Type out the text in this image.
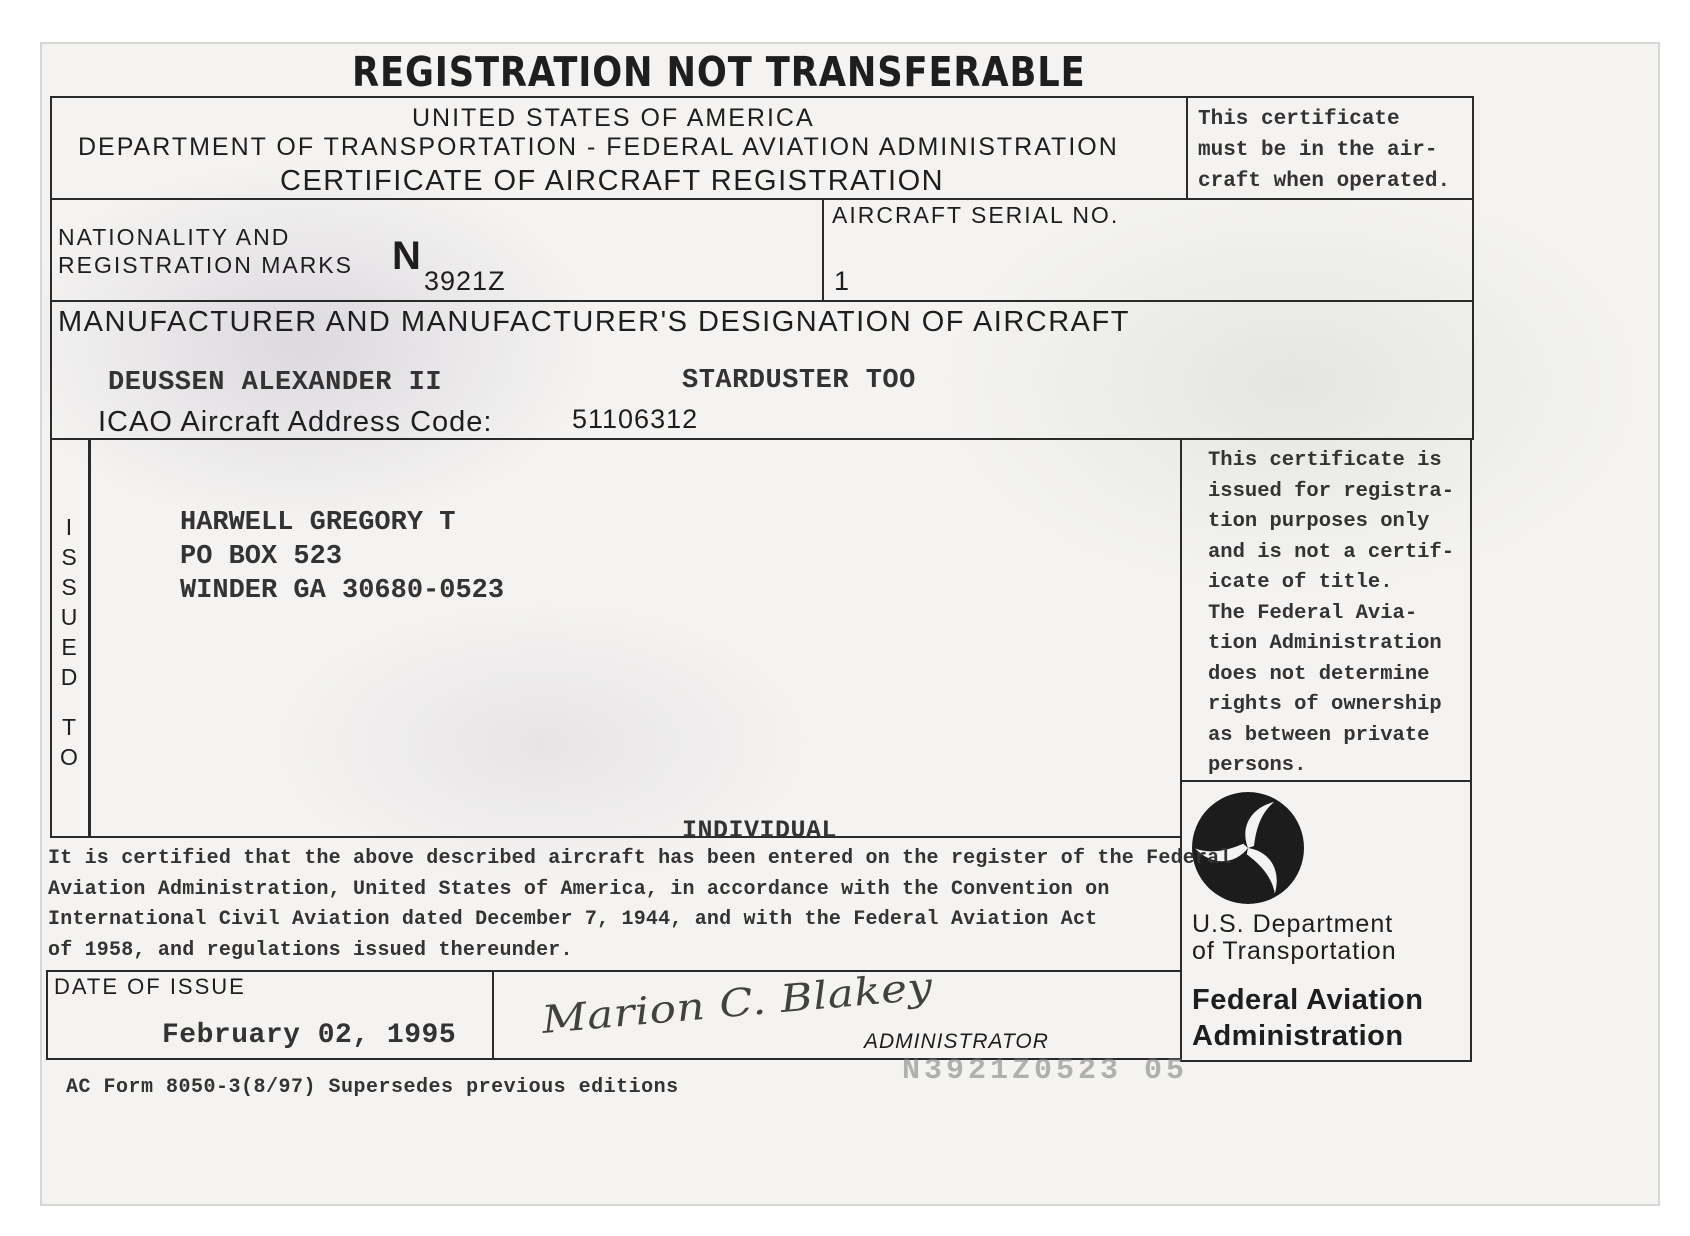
REGISTRATION NOT TRANSFERABLE
UNITED STATES OF AMERICA
DEPARTMENT OF TRANSPORTATION - FEDERAL AVIATION ADMINISTRATION
CERTIFICATE OF AIRCRAFT REGISTRATION
This certificate
must be in the air-
craft when operated.
NATIONALITY AND
REGISTRATION MARKS N
3921Z
AIRCRAFT SERIAL NO.
1
MANUFACTURER AND MANUFACTURER'S DESIGNATION OF AIRCRAFT
DEUSSEN ALEXANDER II	STARDUSTER TOO
ICAO Aircraft Address Code:	51106312
I
S
S
U
E
D
T
O
HARWELL GREGORY T
PO BOX 523
WINDER GA 30680-0523
INDIVIDUAL
This certificate is
issued for registra-
tion purposes only
and is not a certif-
icate of title.
The Federal Avia-
tion Administration
does not determine
rights of ownership
as between private
persons.
U.S. Department
of Transportation
Federal Aviation
Administration
It is certified that the above described aircraft has been entered on the register of the Federal
Aviation Administration, United States of America, in accordance with the Convention on
International Civil Aviation dated December 7, 1944, and with the Federal Aviation Act
of 1958, and regulations issued thereunder.
DATE OF ISSUE
February 02, 1995 Marion C. Blakey
ADMINISTRATOR
AC Form 8050-3(8/97) Supersedes previous editions	N3921Z0523 05
